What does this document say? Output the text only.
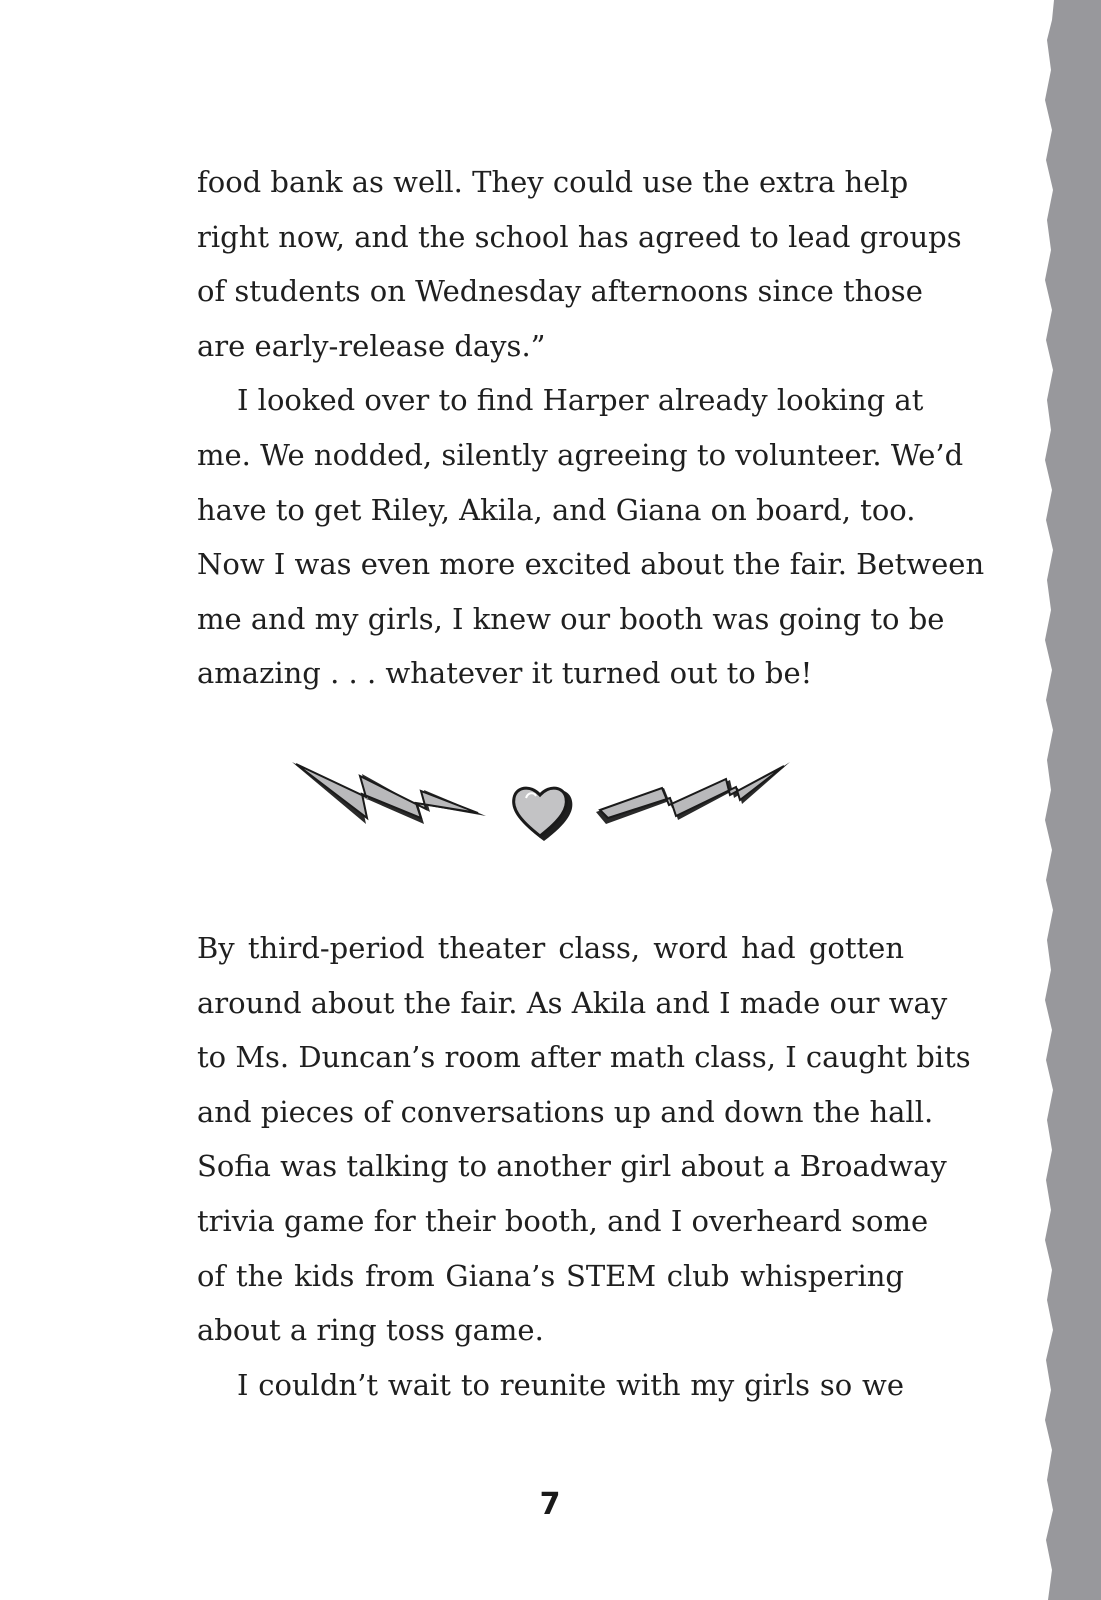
food bank as well. They could use the extra help
right now, and the school has agreed to lead groups
of students on Wednesday afternoons since those
are early-release days.”
I looked over to find Harper already looking at
me. We nodded, silently agreeing to volunteer. We’d
have to get Riley, Akila, and Giana on board, too.
Now I was even more excited about the fair. Between
me and my girls, I knew our booth was going to be
amazing . . . whatever it turned out to be!
By third-period theater class, word had gotten
around about the fair. As Akila and I made our way
to Ms. Duncan’s room after math class, I caught bits
and pieces of conversations up and down the hall.
Sofia was talking to another girl about a Broadway
trivia game for their booth, and I overheard some
of the kids from Giana’s STEM club whispering
about a ring toss game.
I couldn’t wait to reunite with my girls so we
7
